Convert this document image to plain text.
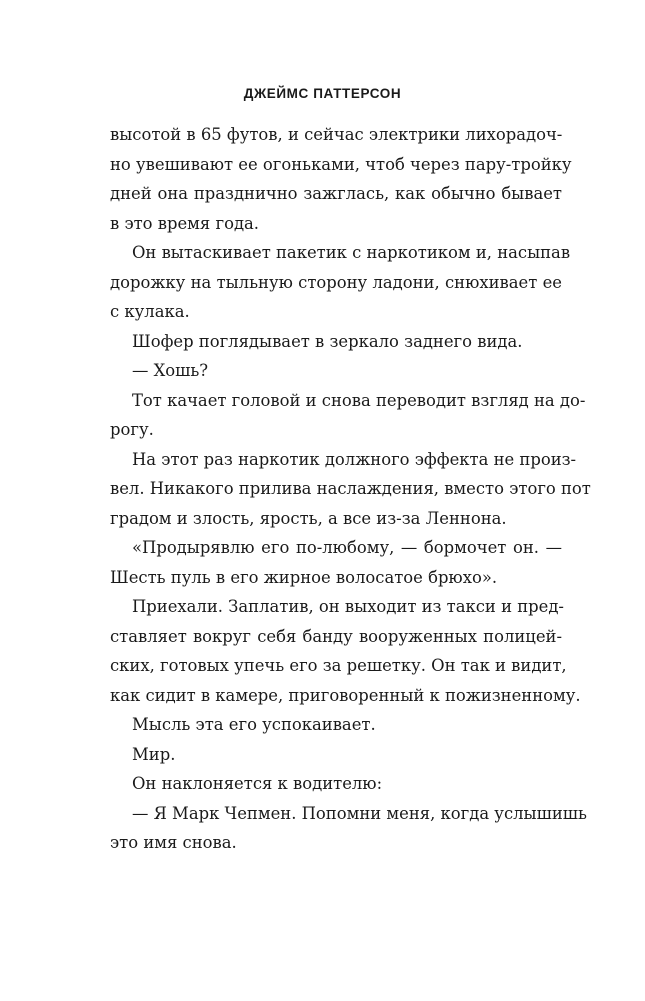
ДЖЕЙМС ПАТТЕРСОН
высотой в 65 футов, и сейчас электрики лихорадоч-
но увешивают ее огоньками, чтоб через пару-тройку
дней она празднично зажглась, как обычно бывает
в это время года.
Он вытаскивает пакетик с наркотиком и, насыпав
дорожку на тыльную сторону ладони, снюхивает ее
с кулака.
Шофер поглядывает в зеркало заднего вида.
— Хошь?
Тот качает головой и снова переводит взгляд на до-
рогу.
На этот раз наркотик должного эффекта не произ-
вел. Никакого прилива наслаждения, вместо этого пот
градом и злость, ярость, а все из-за Леннона.
«Продырявлю его по-любому, — бормочет он. —
Шесть пуль в его жирное волосатое брюхо».
Приехали. Заплатив, он выходит из такси и пред-
ставляет вокруг себя банду вооруженных полицей-
ских, готовых упечь его за решетку. Он так и видит,
как сидит в камере, приговоренный к пожизненному.
Мысль эта его успокаивает.
Мир.
Он наклоняется к водителю:
— Я Марк Чепмен. Попомни меня, когда услышишь
это имя снова.
